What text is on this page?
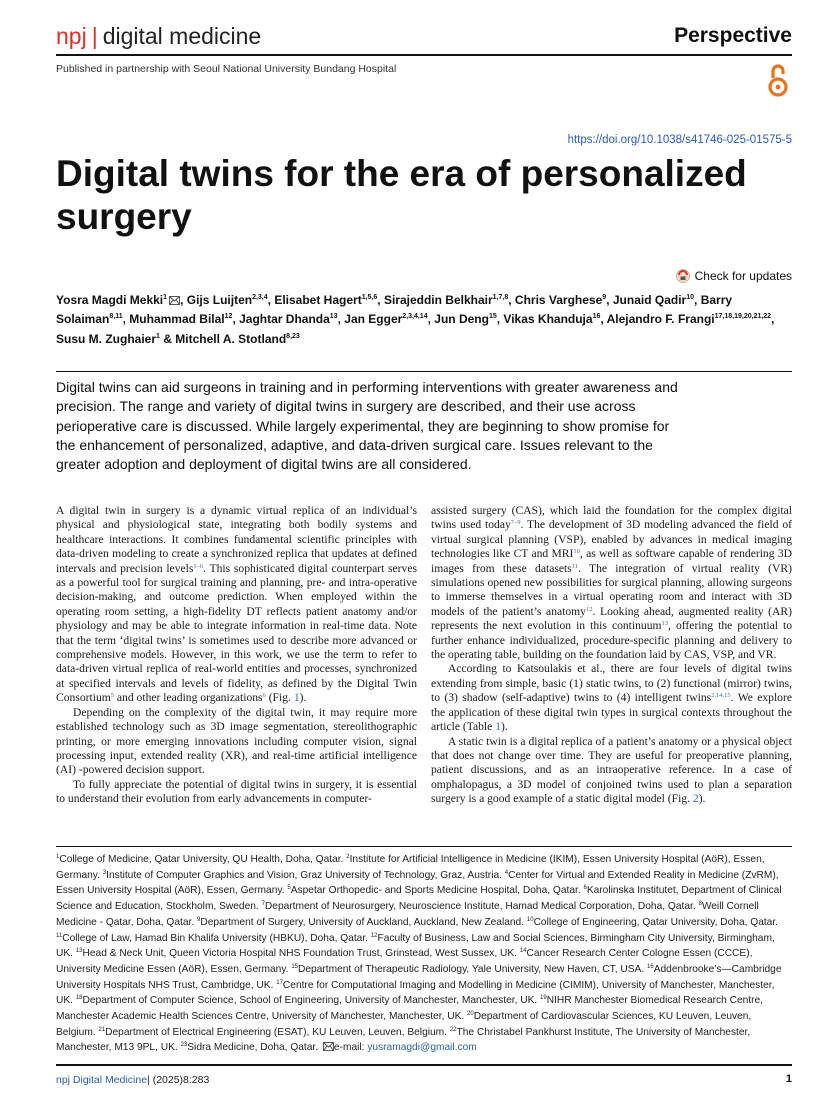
npj | digital medicine	Perspective
Published in partnership with Seoul National University Bundang Hospital
https://doi.org/10.1038/s41746-025-01575-5
Digital twins for the era of personalized surgery
Check for updates
Yosra Magdi Mekki$^1$ , Gijs Luijten$^{2,3,4}$, Elisabet Hagert$^{1,5,6}$, Sirajeddin Belkhair$^{1,7,8}$, Chris Varghese$^9$, Junaid Qadir$^{10}$, Barry Solaiman$^{8,11}$, Muhammad Bilal$^{12}$, Jaghtar Dhanda$^{13}$, Jan Egger$^{2,3,4,14}$, Jun Deng$^{15}$, Vikas Khanduja$^{16}$, Alejandro F. Frangi$^{17,18,19,20,21,22}$, Susu M. Zughaier$^1$ & Mitchell A. Stotland$^{8,23}$

Digital twins can aid surgeons in training and in performing interventions with greater awareness and precision. The range and variety of digital twins in surgery are described, and their use across perioperative care is discussed. While largely experimental, they are beginning to show promise for the enhancement of personalized, adaptive, and data-driven surgical care. Issues relevant to the greater adoption and deployment of digital twins are all considered.

A digital twin in surgery is a dynamic virtual replica of an individual’s physical and physiological state, integrating both bodily systems and healthcare interactions. It combines fundamental scientific principles with data-driven modeling to create a synchronized replica that updates at defined intervals and precision levels$^{1-6}$. This sophisticated digital counterpart serves as a powerful tool for surgical training and planning, pre- and intra-operative decision-making, and outcome prediction. When employed within the operating room setting, a high-fidelity DT reflects patient anatomy and/or physiology and may be able to integrate information in real-time data. Note that the term ‘digital twins’ is sometimes used to describe more advanced or comprehensive models. However, in this work, we use the term to refer to data-driven virtual replica of real-world entities and processes, synchronized at specified intervals and levels of fidelity, as defined by the Digital Twin Consortium$^5$ and other leading organizations$^6$ (Fig. 1).

Depending on the complexity of the digital twin, it may require more established technology such as 3D image segmentation, stereolithographic printing, or more emerging innovations including computer vision, signal processing input, extended reality (XR), and real-time artificial intelligence (AI) -powered decision support.

To fully appreciate the potential of digital twins in surgery, it is essential to understand their evolution from early advancements in computer-

assisted surgery (CAS), which laid the foundation for the complex digital twins used today$^{7-9}$. The development of 3D modeling advanced the field of virtual surgical planning (VSP), enabled by advances in medical imaging technologies like CT and MRI$^{10}$, as well as software capable of rendering 3D images from these datasets$^{11}$. The integration of virtual reality (VR) simulations opened new possibilities for surgical planning, allowing surgeons to immerse themselves in a virtual operating room and interact with 3D models of the patient’s anatomy$^{12}$. Looking ahead, augmented reality (AR) represents the next evolution in this continuum$^{13}$, offering the potential to further enhance individualized, procedure-specific planning and delivery to the operating table, building on the foundation laid by CAS, VSP, and VR.

According to Katsoulakis et al., there are four levels of digital twins extending from simple, basic (1) static twins, to (2) functional (mirror) twins, to (3) shadow (self-adaptive) twins to (4) intelligent twins$^{2,14,15}$. We explore the application of these digital twin types in surgical contexts throughout the article (Table 1).

A static twin is a digital replica of a patient’s anatomy or a physical object that does not change over time. They are useful for preoperative planning, patient discussions, and as an intraoperative reference. In a case of omphalopagus, a 3D model of conjoined twins used to plan a separation surgery is a good example of a static digital model (Fig. 2).

$^1$College of Medicine, Qatar University, QU Health, Doha, Qatar. $^2$Institute for Artificial Intelligence in Medicine (IKIM), Essen University Hospital (AöR), Essen, Germany. $^3$Institute of Computer Graphics and Vision, Graz University of Technology, Graz, Austria. $^4$Center for Virtual and Extended Reality in Medicine (ZvRM), Essen University Hospital (AöR), Essen, Germany. $^5$Aspetar Orthopedic- and Sports Medicine Hospital, Doha, Qatar. $^6$Karolinska Institutet, Department of Clinical Science and Education, Stockholm, Sweden. $^7$Department of Neurosurgery, Neuroscience Institute, Hamad Medical Corporation, Doha, Qatar. $^8$Weill Cornell Medicine - Qatar, Doha, Qatar. $^9$Department of Surgery, University of Auckland, Auckland, New Zealand. $^{10}$College of Engineering, Qatar University, Doha, Qatar. $^{11}$College of Law, Hamad Bin Khalifa University (HBKU), Doha, Qatar. $^{12}$Faculty of Business, Law and Social Sciences, Birmingham City University, Birmingham, UK. $^{13}$Head & Neck Unit, Queen Victoria Hospital NHS Foundation Trust, Grinstead, West Sussex, UK. $^{14}$Cancer Research Center Cologne Essen (CCCE), University Medicine Essen (AöR), Essen, Germany. $^{15}$Department of Therapeutic Radiology, Yale University, New Haven, CT, USA. $^{16}$Addenbrooke’s—Cambridge University Hospitals NHS Trust, Cambridge, UK. $^{17}$Centre for Computational Imaging and Modelling in Medicine (CIMIM), University of Manchester, Manchester, UK. $^{18}$Department of Computer Science, School of Engineering, University of Manchester, Manchester, UK. $^{19}$NIHR Manchester Biomedical Research Centre, Manchester Academic Health Sciences Centre, University of Manchester, Manchester, UK. $^{20}$Department of Cardiovascular Sciences, KU Leuven, Leuven, Belgium. $^{21}$Department of Electrical Engineering (ESAT), KU Leuven, Leuven, Belgium. $^{22}$The Christabel Pankhurst Institute, The University of Manchester, Manchester, M13 9PL, UK. $^{23}$Sidra Medicine, Doha, Qatar. e-mail: yusramagdi@gmail.com

npj Digital Medicine| (2025)8:283	1
